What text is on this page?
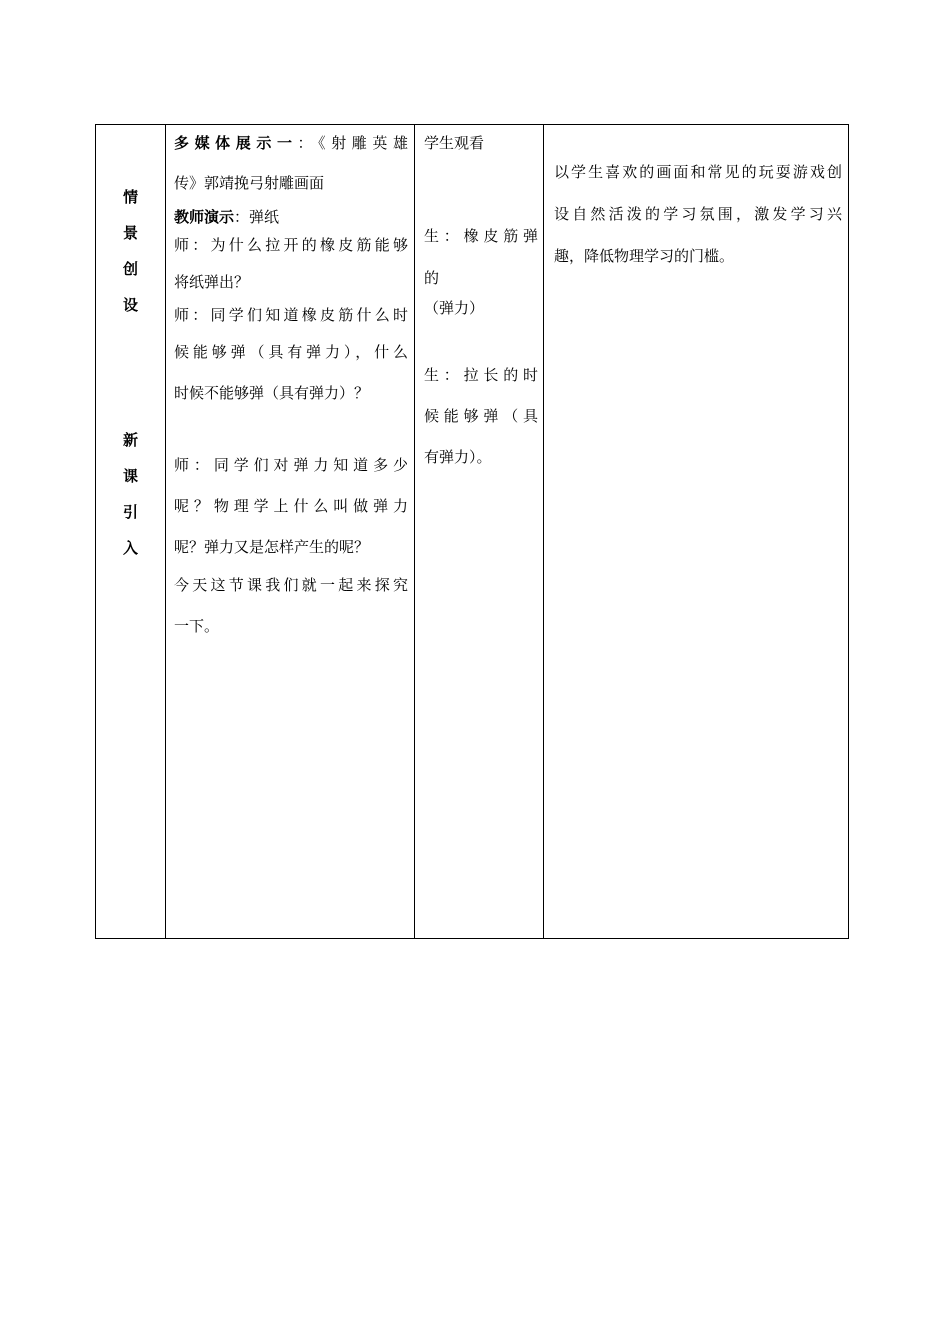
情
景
创
设
新
课
引
入
多媒体展示一：《射雕英雄
传》郭靖挽弓射雕画面
教师演示：弹纸
师：为什么拉开的橡皮筋能够
将纸弹出？
师：同学们知道橡皮筋什么时
候能够弹（具有弹力），什么
时候不能够弹（具有弹力）？
师：同学们对弹力知道多少
呢？物理学上什么叫做弹力
呢？弹力又是怎样产生的呢？
今天这节课我们就一起来探究
一下。
学生观看
生：橡皮筋弹
的
（弹力）
生：拉长的时
候能够弹（具
有弹力）。
以学生喜欢的画面和常见的玩耍游戏创
设自然活泼的学习氛围，激发学习兴
趣，降低物理学习的门槛。
